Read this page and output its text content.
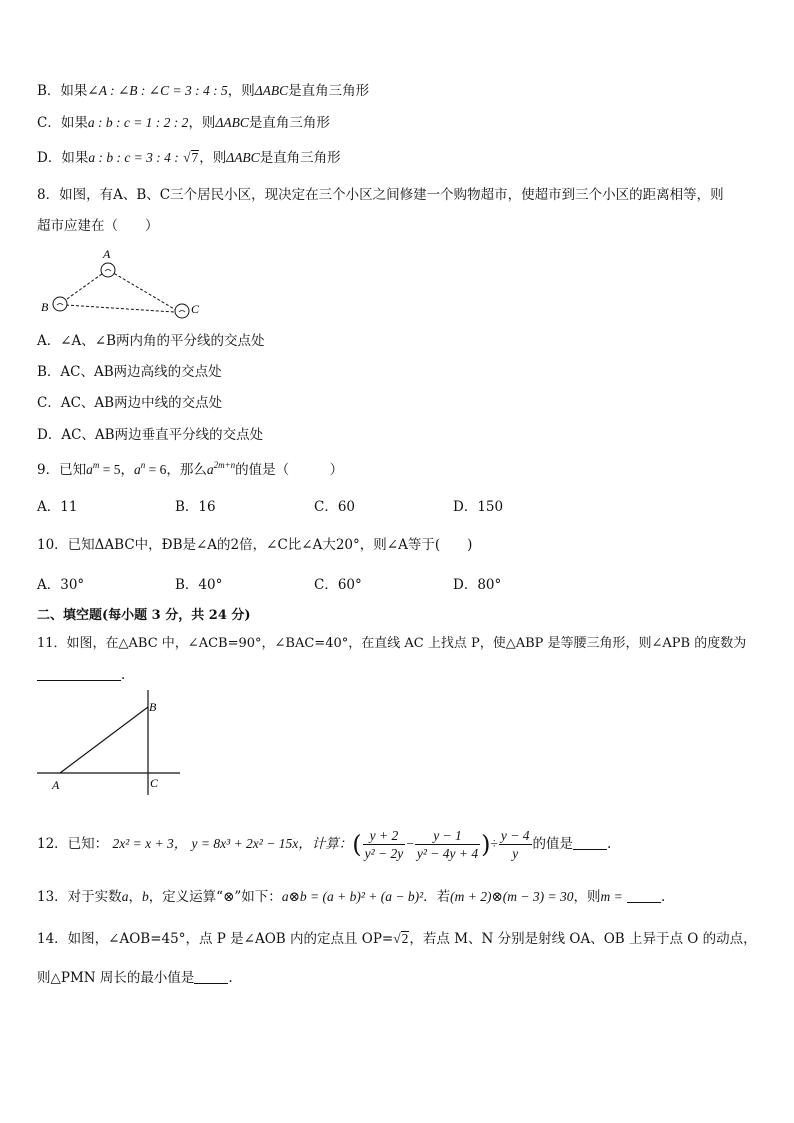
B．如果∠A : ∠B : ∠C = 3 : 4 : 5，则ΔABC是直角三角形
C．如果a : b : c = 1 : 2 : 2，则ΔABC是直角三角形
D．如果a : b : c = 3 : 4 : √7，则ΔABC是直角三角形
8．如图，有A、B、C三个居民小区，现决定在三个小区之间修建一个购物超市，使超市到三个小区的距离相等，则
超市应建在（　　）
A
B	C
A．∠A、∠B两内角的平分线的交点处
B．AC、AB两边高线的交点处
C．AC、AB两边中线的交点处
D．AC、AB两边垂直平分线的交点处
9．已知$a^m = 5$，$a^n = 6$，那么$a^{2m+n}$的值是（　　　）
A．11	B．16	C．60	D．150
10．已知ΔABC中，ÐB是∠A的2倍，∠C比∠A大20°，则∠A等于(　　)
A．30°	B．40°	C．60°	D．80°
二、填空题(每小题 3 分，共 24 分)
11．如图，在△ABC 中，∠ACB=90°，∠BAC=40°，在直线 AC 上找点 P，使△ABP 是等腰三角形，则∠APB 的度数为
.
A
B
C
12．已知： 2x² = x + 3， y = 8x³ + 2x² − 15x，计算：( $\frac{y + 2}{\text{y² − 2y}} - \frac{y - 1}{\text{y² − 4y + 4}}$ )÷ $\frac{y - 4}{y}$ 的值是	.
13．对于实数a，b，定义运算“⊗”如下：a⊗b = (a + b)² + (a − b)²．若(m + 2)⊗(m − 3) = 30，则m =	.
14．如图，∠AOB=45°，点 P 是∠AOB 内的定点且 OP=√2，若点 M、N 分别是射线 OA、OB 上异于点 O 的动点，
则△PMN 周长的最小值是	.
